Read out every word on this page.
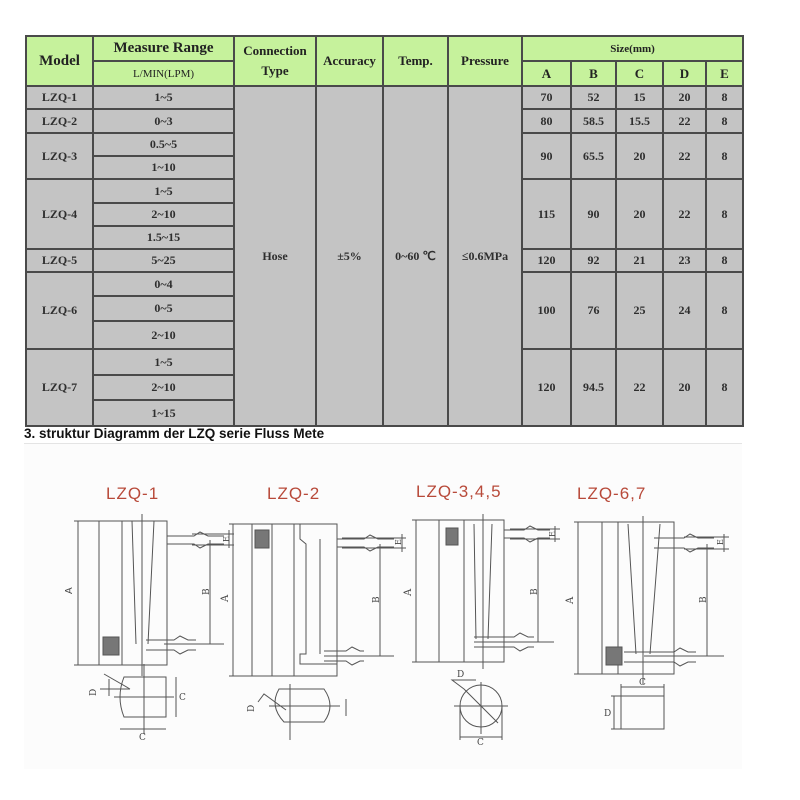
Model	Measure Range	Connection Type	Accuracy	Temp.	Pressure	Size(mm)				
	L/MIN(LPM)					A	B	C	D	E
LZQ-1	1~5	Hose	±5%	0~60 ℃	≤0.6MPa	70	52	15	20	8
LZQ-2	0~3					80	58.5	15.5	22	8
LZQ-3	0.5~5					90	65.5	20	22	8
	1~10									
LZQ-4	1~5					115	90	20	22	8
	2~10									
	1.5~15									
LZQ-5	5~25					120	92	21	23	8
LZQ-6	0~4					100	76	25	24	8
	0~5									
	2~10									
LZQ-7	1~5					120	94.5	22	20	8
	2~10									
	1~15									

3. struktur Diagramm der LZQ serie Fluss Mete
LZQ-1	LZQ-2	LZQ-3,4,5	LZQ-6,7
A
E
B
D
C
C
A
E
B
D
A
E
B
D
C
A
E
B
D
C
